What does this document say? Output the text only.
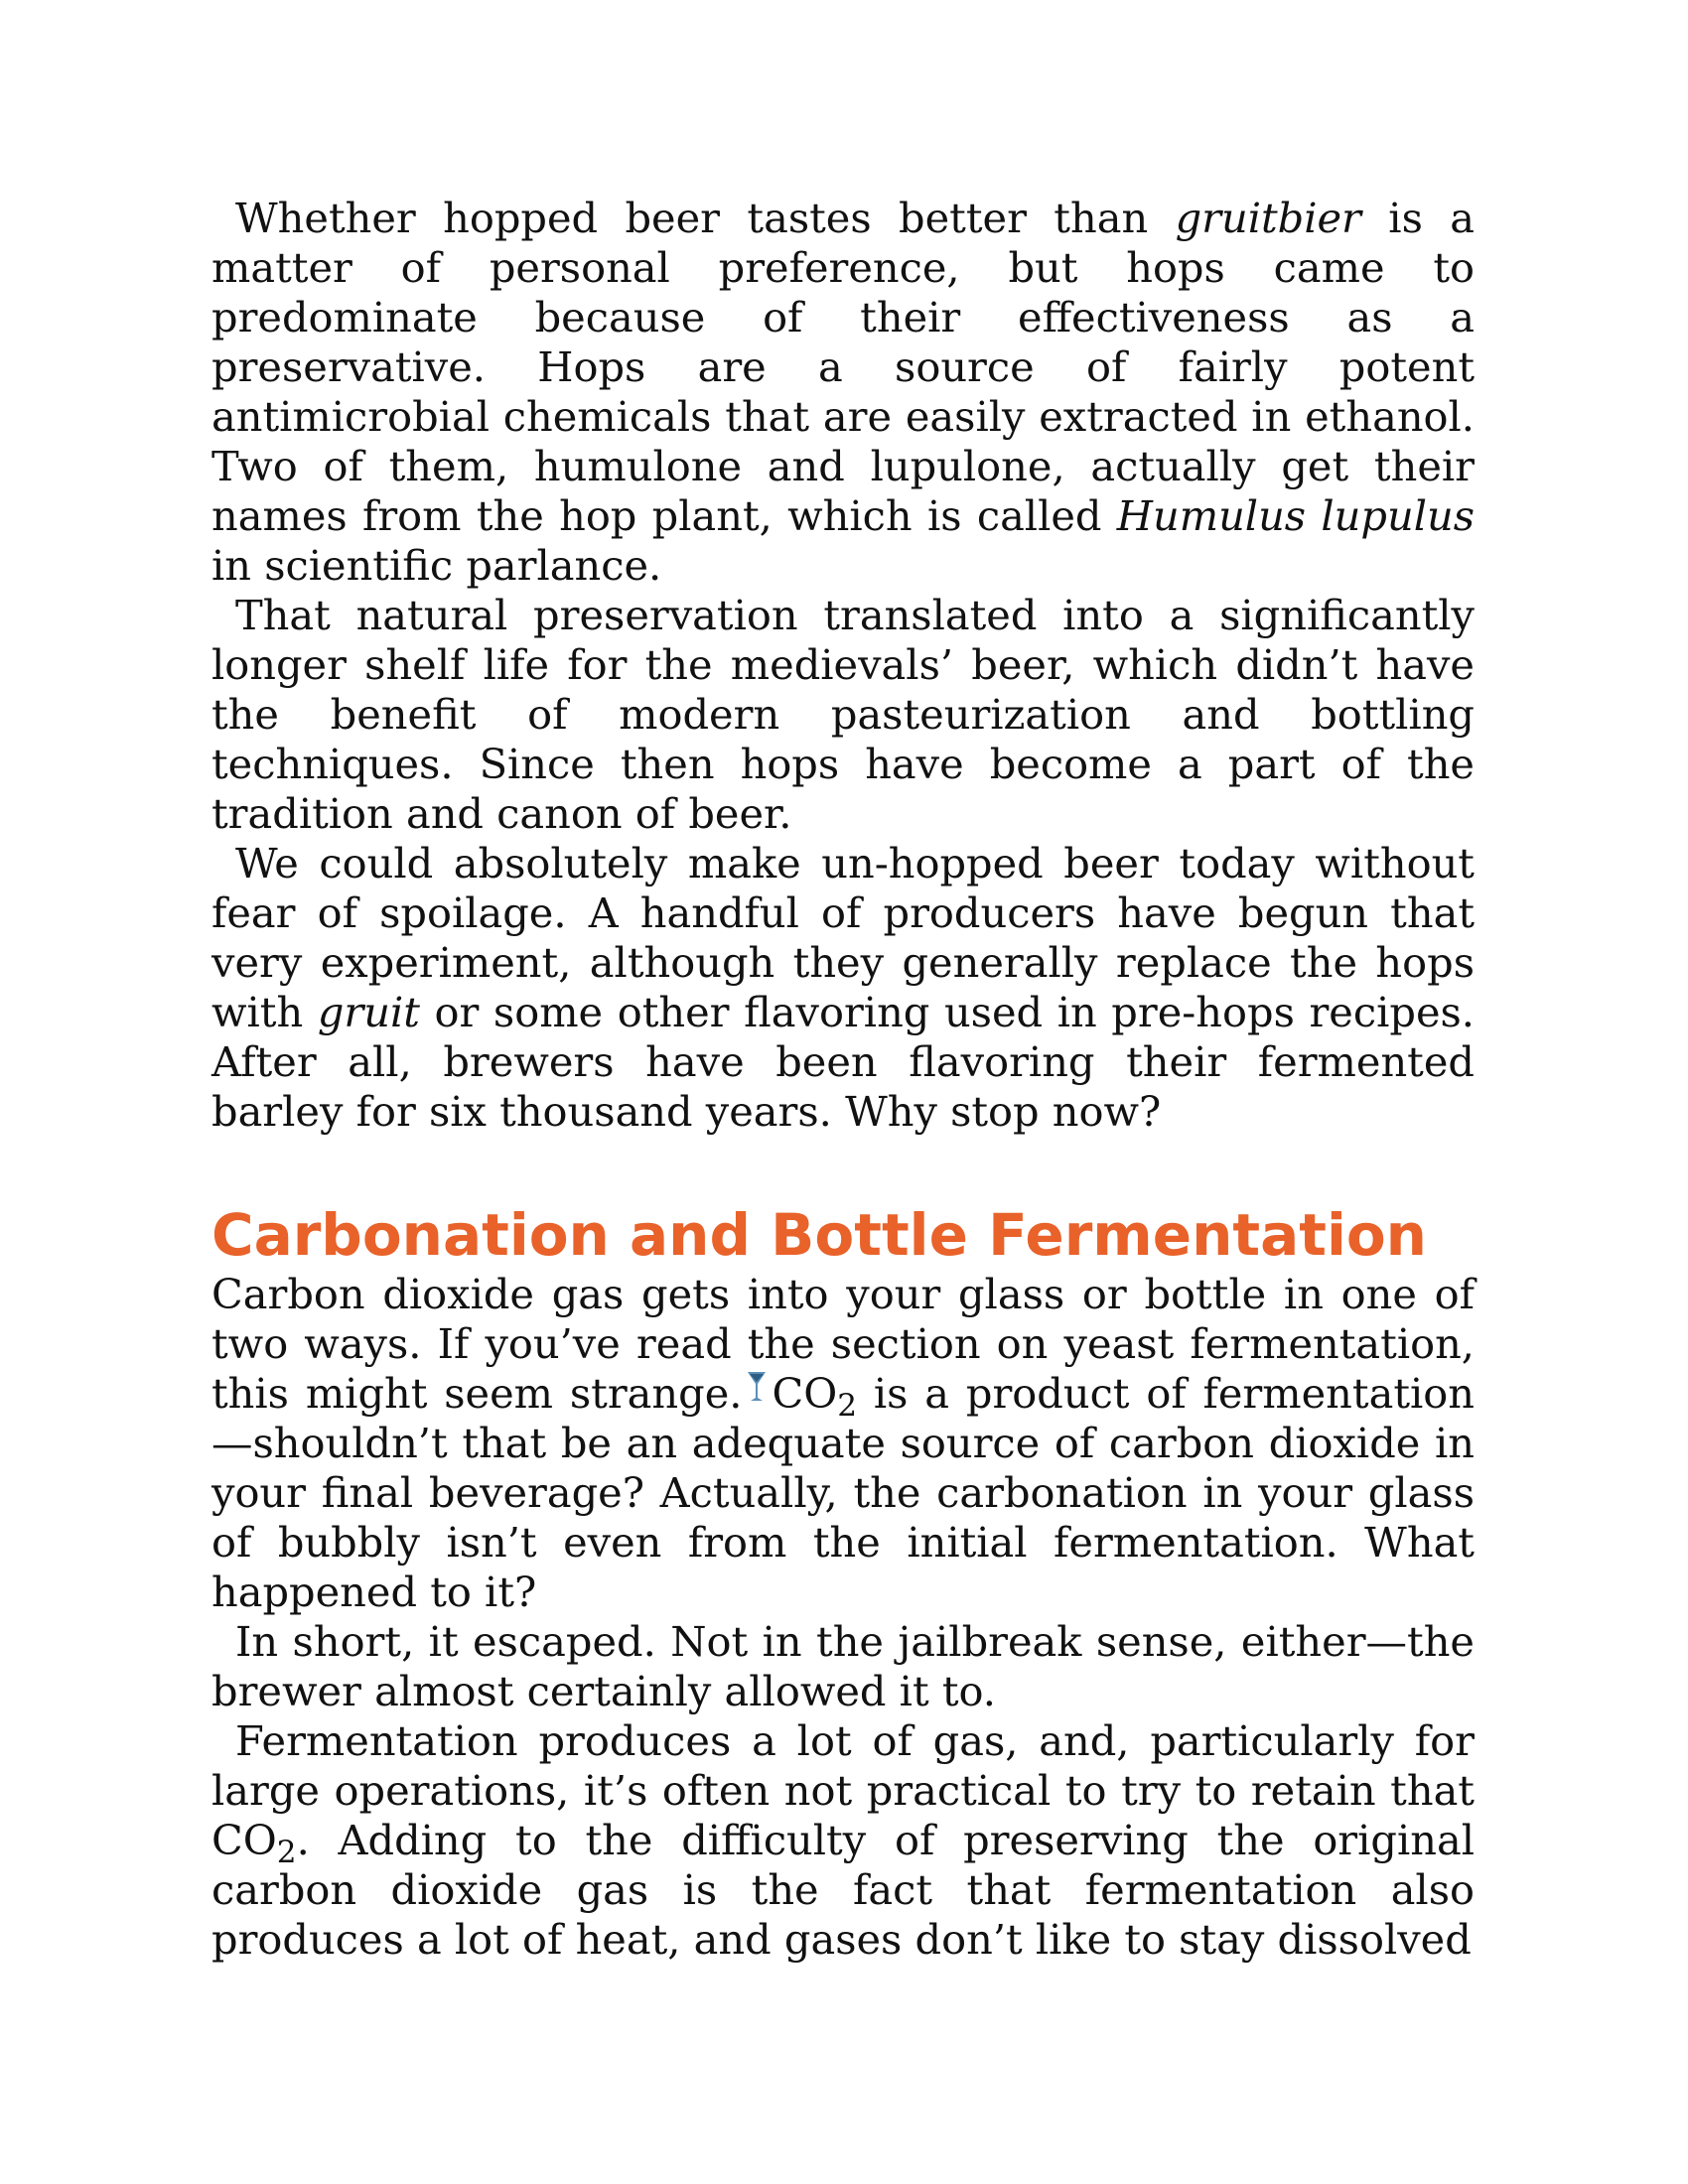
Whether hopped beer tastes better than gruitbier is a matter of personal preference, but hops came to predominate because of their effectiveness as a preservative. Hops are a source of fairly potent antimicrobial chemicals that are easily extracted in ethanol. Two of them, humulone and lupulone, actually get their names from the hop plant, which is called Humulus lupulus in scientific parlance.

That natural preservation translated into a significantly longer shelf life for the medievals’ beer, which didn’t have the benefit of modern pasteurization and bottling techniques. Since then hops have become a part of the tradition and canon of beer.

We could absolutely make un-hopped beer today without fear of spoilage. A handful of producers have begun that very experiment, although they generally replace the hops with gruit or some other flavoring used in pre-hops recipes. After all, brewers have been flavoring their fermented barley for six thousand years. Why stop now?

Carbonation and Bottle Fermentation

Carbon dioxide gas gets into your glass or bottle in one of two ways. If you’ve read the section on yeast fermentation, this might seem strange. $CO_2$ is a product of fermentation—shouldn’t that be an adequate source of carbon dioxide in your final beverage? Actually, the carbonation in your glass of bubbly isn’t even from the initial fermentation. What happened to it?

In short, it escaped. Not in the jailbreak sense, either—the brewer almost certainly allowed it to.

Fermentation produces a lot of gas, and, particularly for large operations, it’s often not practical to try to retain that $CO_2$. Adding to the difficulty of preserving the original carbon dioxide gas is the fact that fermentation also produces a lot of heat, and gases don’t like to stay dissolved
